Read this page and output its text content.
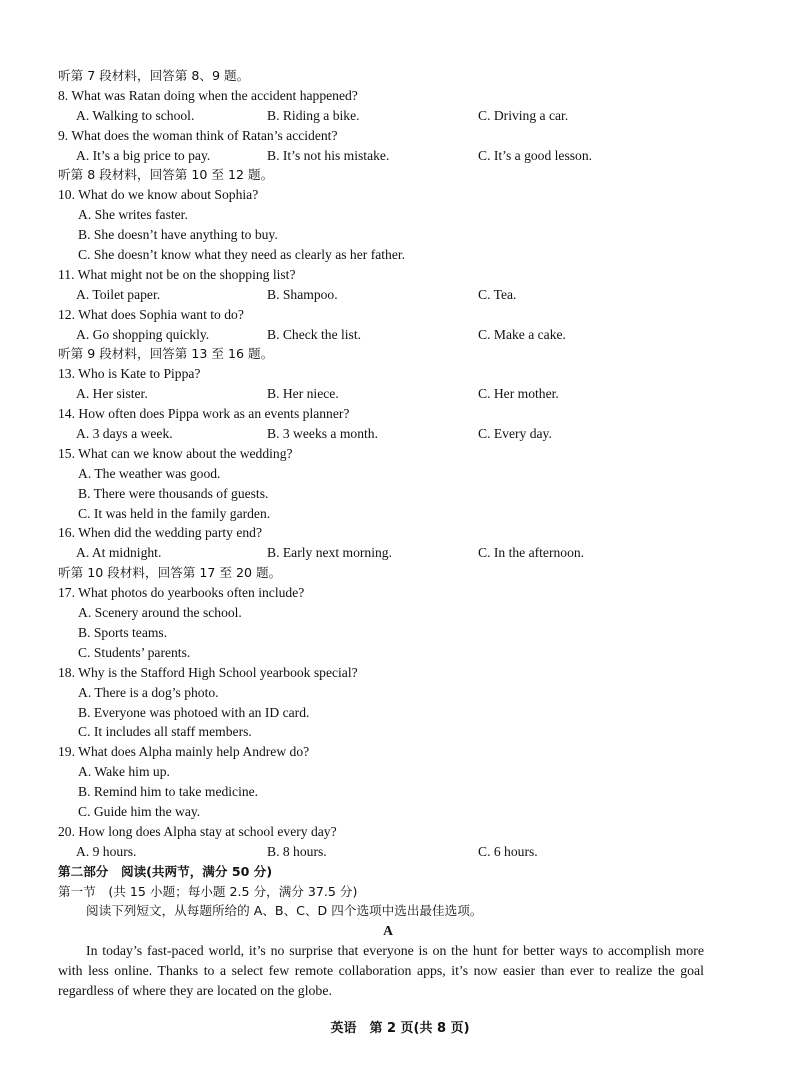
听第 7 段材料，回答第 8、9 题。
8. What was Ratan doing when the accident happened?
A. Walking to school.	B. Riding a bike.	C. Driving a car.
9. What does the woman think of Ratan’s accident?
A. It’s a big price to pay.	B. It’s not his mistake.	C. It’s a good lesson.
听第 8 段材料，回答第 10 至 12 题。
10. What do we know about Sophia?
A. She writes faster.
B. She doesn’t have anything to buy.
C. She doesn’t know what they need as clearly as her father.
11. What might not be on the shopping list?
A. Toilet paper.	B. Shampoo.	C. Tea.
12. What does Sophia want to do?
A. Go shopping quickly.	B. Check the list.	C. Make a cake.
听第 9 段材料，回答第 13 至 16 题。
13. Who is Kate to Pippa?
A. Her sister.	B. Her niece.	C. Her mother.
14. How often does Pippa work as an events planner?
A. 3 days a week.	B. 3 weeks a month.	C. Every day.
15. What can we know about the wedding?
A. The weather was good.
B. There were thousands of guests.
C. It was held in the family garden.
16. When did the wedding party end?
A. At midnight.	B. Early next morning.	C. In the afternoon.
听第 10 段材料，回答第 17 至 20 题。
17. What photos do yearbooks often include?
A. Scenery around the school.
B. Sports teams.
C. Students’ parents.
18. Why is the Stafford High School yearbook special?
A. There is a dog’s photo.
B. Everyone was photoed with an ID card.
C. It includes all staff members.
19. What does Alpha mainly help Andrew do?
A. Wake him up.
B. Remind him to take medicine.
C. Guide him the way.
20. How long does Alpha stay at school every day?
A. 9 hours.	B. 8 hours.	C. 6 hours.
第二部分　阅读(共两节，满分 50 分)
第一节　(共 15 小题；每小题 2.5 分，满分 37.5 分)
阅读下列短文，从每题所给的 A、B、C、D 四个选项中选出最佳选项。
A
In today’s fast-paced world, it’s no surprise that everyone is on the hunt for better ways to accomplish more with less online. Thanks to a select few remote collaboration apps, it’s now easier than ever to realize the goal regardless of where they are located on the globe.
英语　第 2 页(共 8 页)
